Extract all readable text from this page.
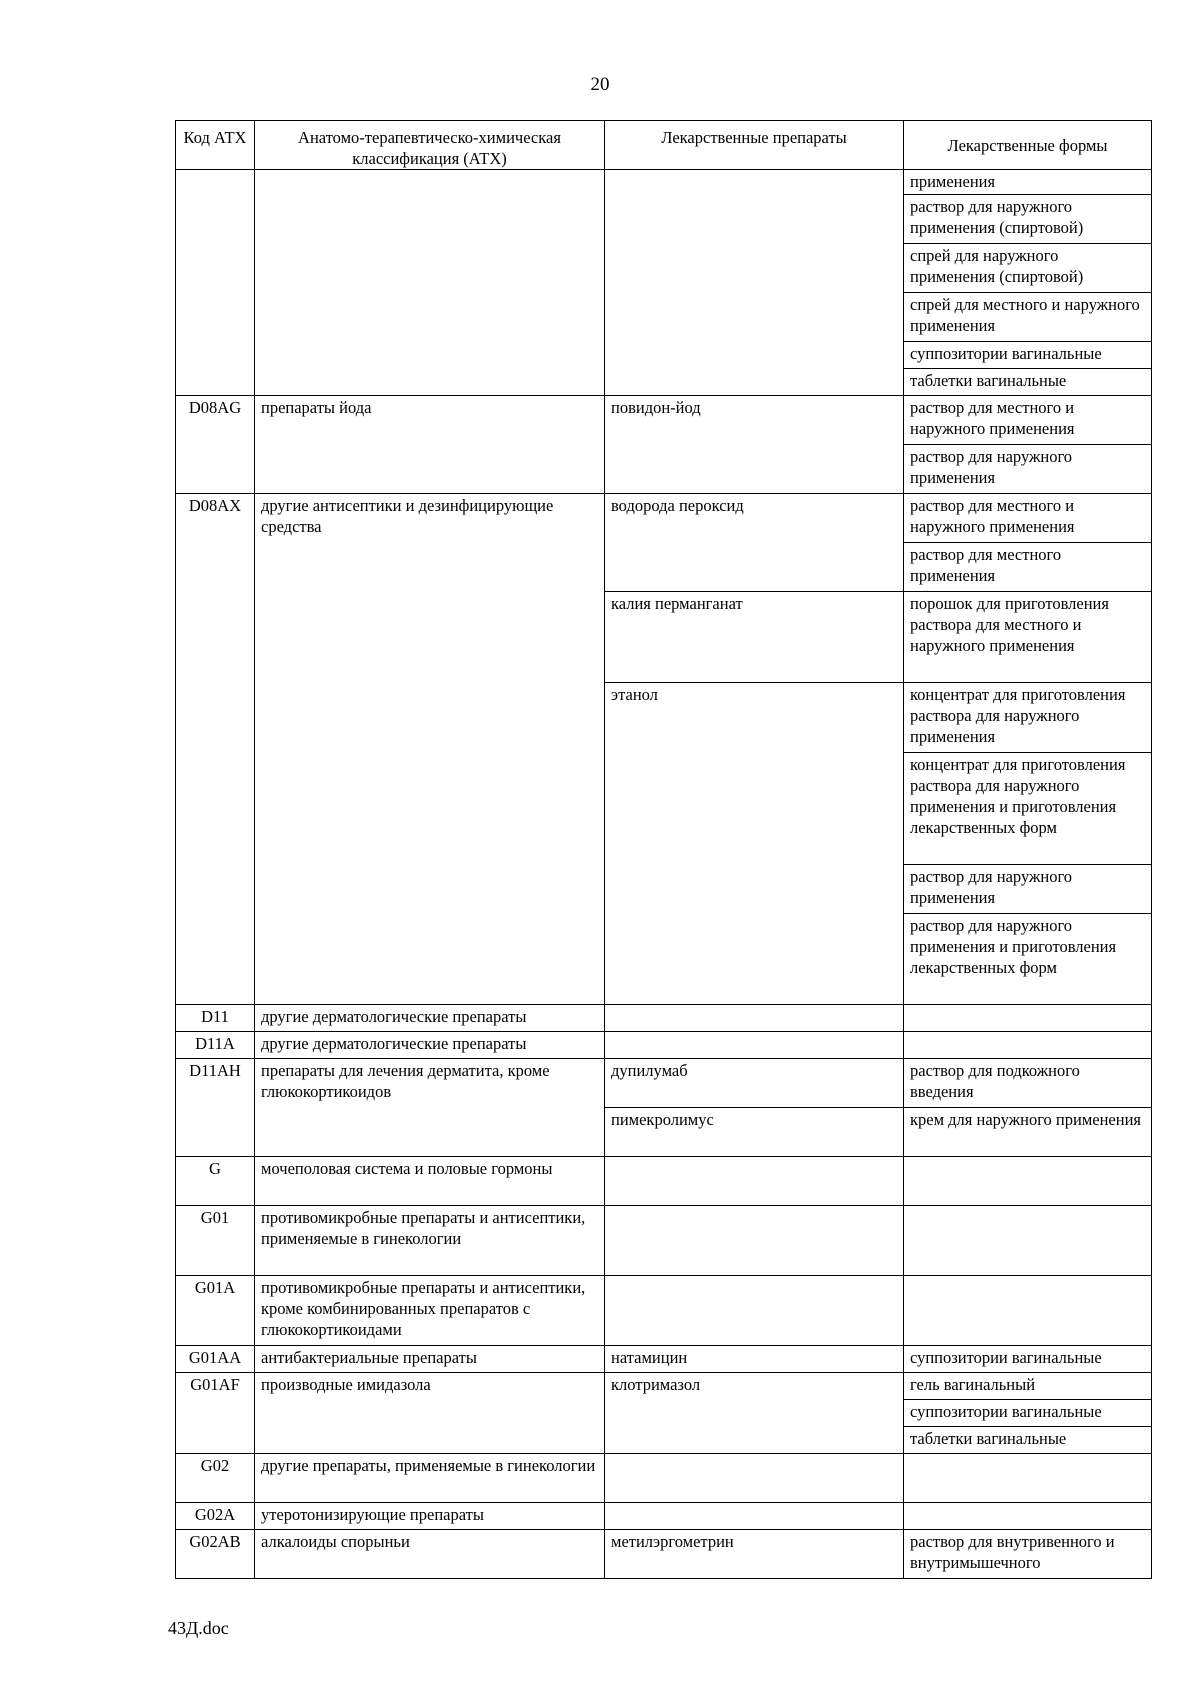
20
Код АТХ	Анатомо-терапевтическо-химическая классификация (АТХ)	Лекарственные препараты	Лекарственные формы
			применения
			раствор для наружного применения (спиртовой)
			спрей для наружного применения (спиртовой)
			спрей для местного и наружного применения
			суппозитории вагинальные
			таблетки вагинальные
D08AG	препараты йода	повидон-йод	раствор для местного и наружного применения
			раствор для наружного применения
D08AX	другие антисептики и дезинфицирующие средства	водорода пероксид	раствор для местного и наружного применения
			раствор для местного применения
		калия перманганат	порошок для приготовления раствора для местного и наружного применения
		этанол	концентрат для приготовления раствора для наружного применения
			концентрат для приготовления раствора для наружного применения и приготовления лекарственных форм
			раствор для наружного применения
			раствор для наружного применения и приготовления лекарственных форм
D11	другие дерматологические препараты		
D11A	другие дерматологические препараты		
D11AH	препараты для лечения дерматита, кроме глюкокортикоидов	дупилумаб	раствор для подкожного введения
		пимекролимус	крем для наружного применения
G	мочеполовая система и половые гормоны		
G01	противомикробные препараты и антисептики, применяемые в гинекологии		
G01A	противомикробные препараты и антисептики, кроме комбинированных препаратов с глюкокортикоидами		
G01AA	антибактериальные препараты	натамицин	суппозитории вагинальные
G01AF	производные имидазола	клотримазол	гель вагинальный
			суппозитории вагинальные
			таблетки вагинальные
G02	другие препараты, применяемые в гинекологии		
G02A	утеротонизирующие препараты		
G02AB	алкалоиды спорыньи	метилэргометрин	раствор для внутривенного и внутримышечного
43Д.doc
